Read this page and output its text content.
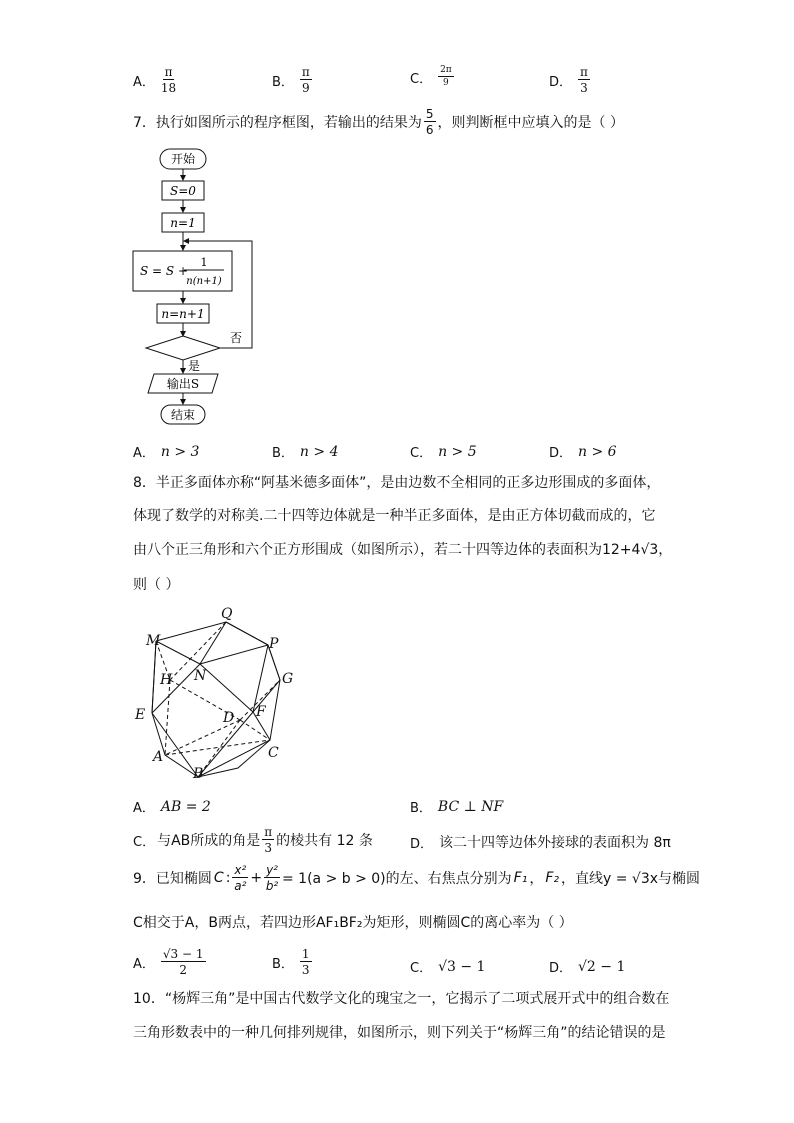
A． $\frac{\pi}{18}$	B． $\frac{\pi}{9}$	C． $\frac{2\pi}{9}$	D． $\frac{\pi}{3}$
7．执行如图所示的程序框图，若输出的结果为 $\frac{5}{6}$ ，则判断框中应填入的是（ ）
开始
S=0
n=1
S = S +
1
n(n+1)
n=n+1
否
是
输出S
结束
A． n > 3	B． n > 4	C． n > 5	D． n > 6
8．半正多面体亦称“阿基米德多面体”，是由边数不全相同的正多边形围成的多面体，
体现了数学的对称美.二十四等边体就是一种半正多面体，是由正方体切截而成的，它
由八个正三角形和六个正方形围成（如图所示），若二十四等边体的表面积为12+4√3，
则（ ）
Q
M	P
N
H	G
E	D F
A
B
C
A． AB = 2	B． BC ⊥ NF
C． 与AB所成的角是 $\frac{\pi}{3}$ 的棱共有 12 条	D． 该二十四等边体外接球的表面积为 8π
9．已知椭圆 C : $\frac{\text{x²}}{\text{a²}} + \frac{\text{y²}}{\text{b²}} = 1(a > b > 0)$的左、右焦点分别为 F₁ ， F₂ ，直线y = √3x与椭圆
C相交于A，B两点，若四边形AF₁BF₂为矩形，则椭圆C的离心率为（ ）
A． $\frac{√3 - 1}{2}$	B． $\frac{1}{3}$	C． √3 − 1	D． √2 − 1
10．“杨辉三角”是中国古代数学文化的瑰宝之一，它揭示了二项式展开式中的组合数在
三角形数表中的一种几何排列规律，如图所示，则下列关于“杨辉三角”的结论错误的是
